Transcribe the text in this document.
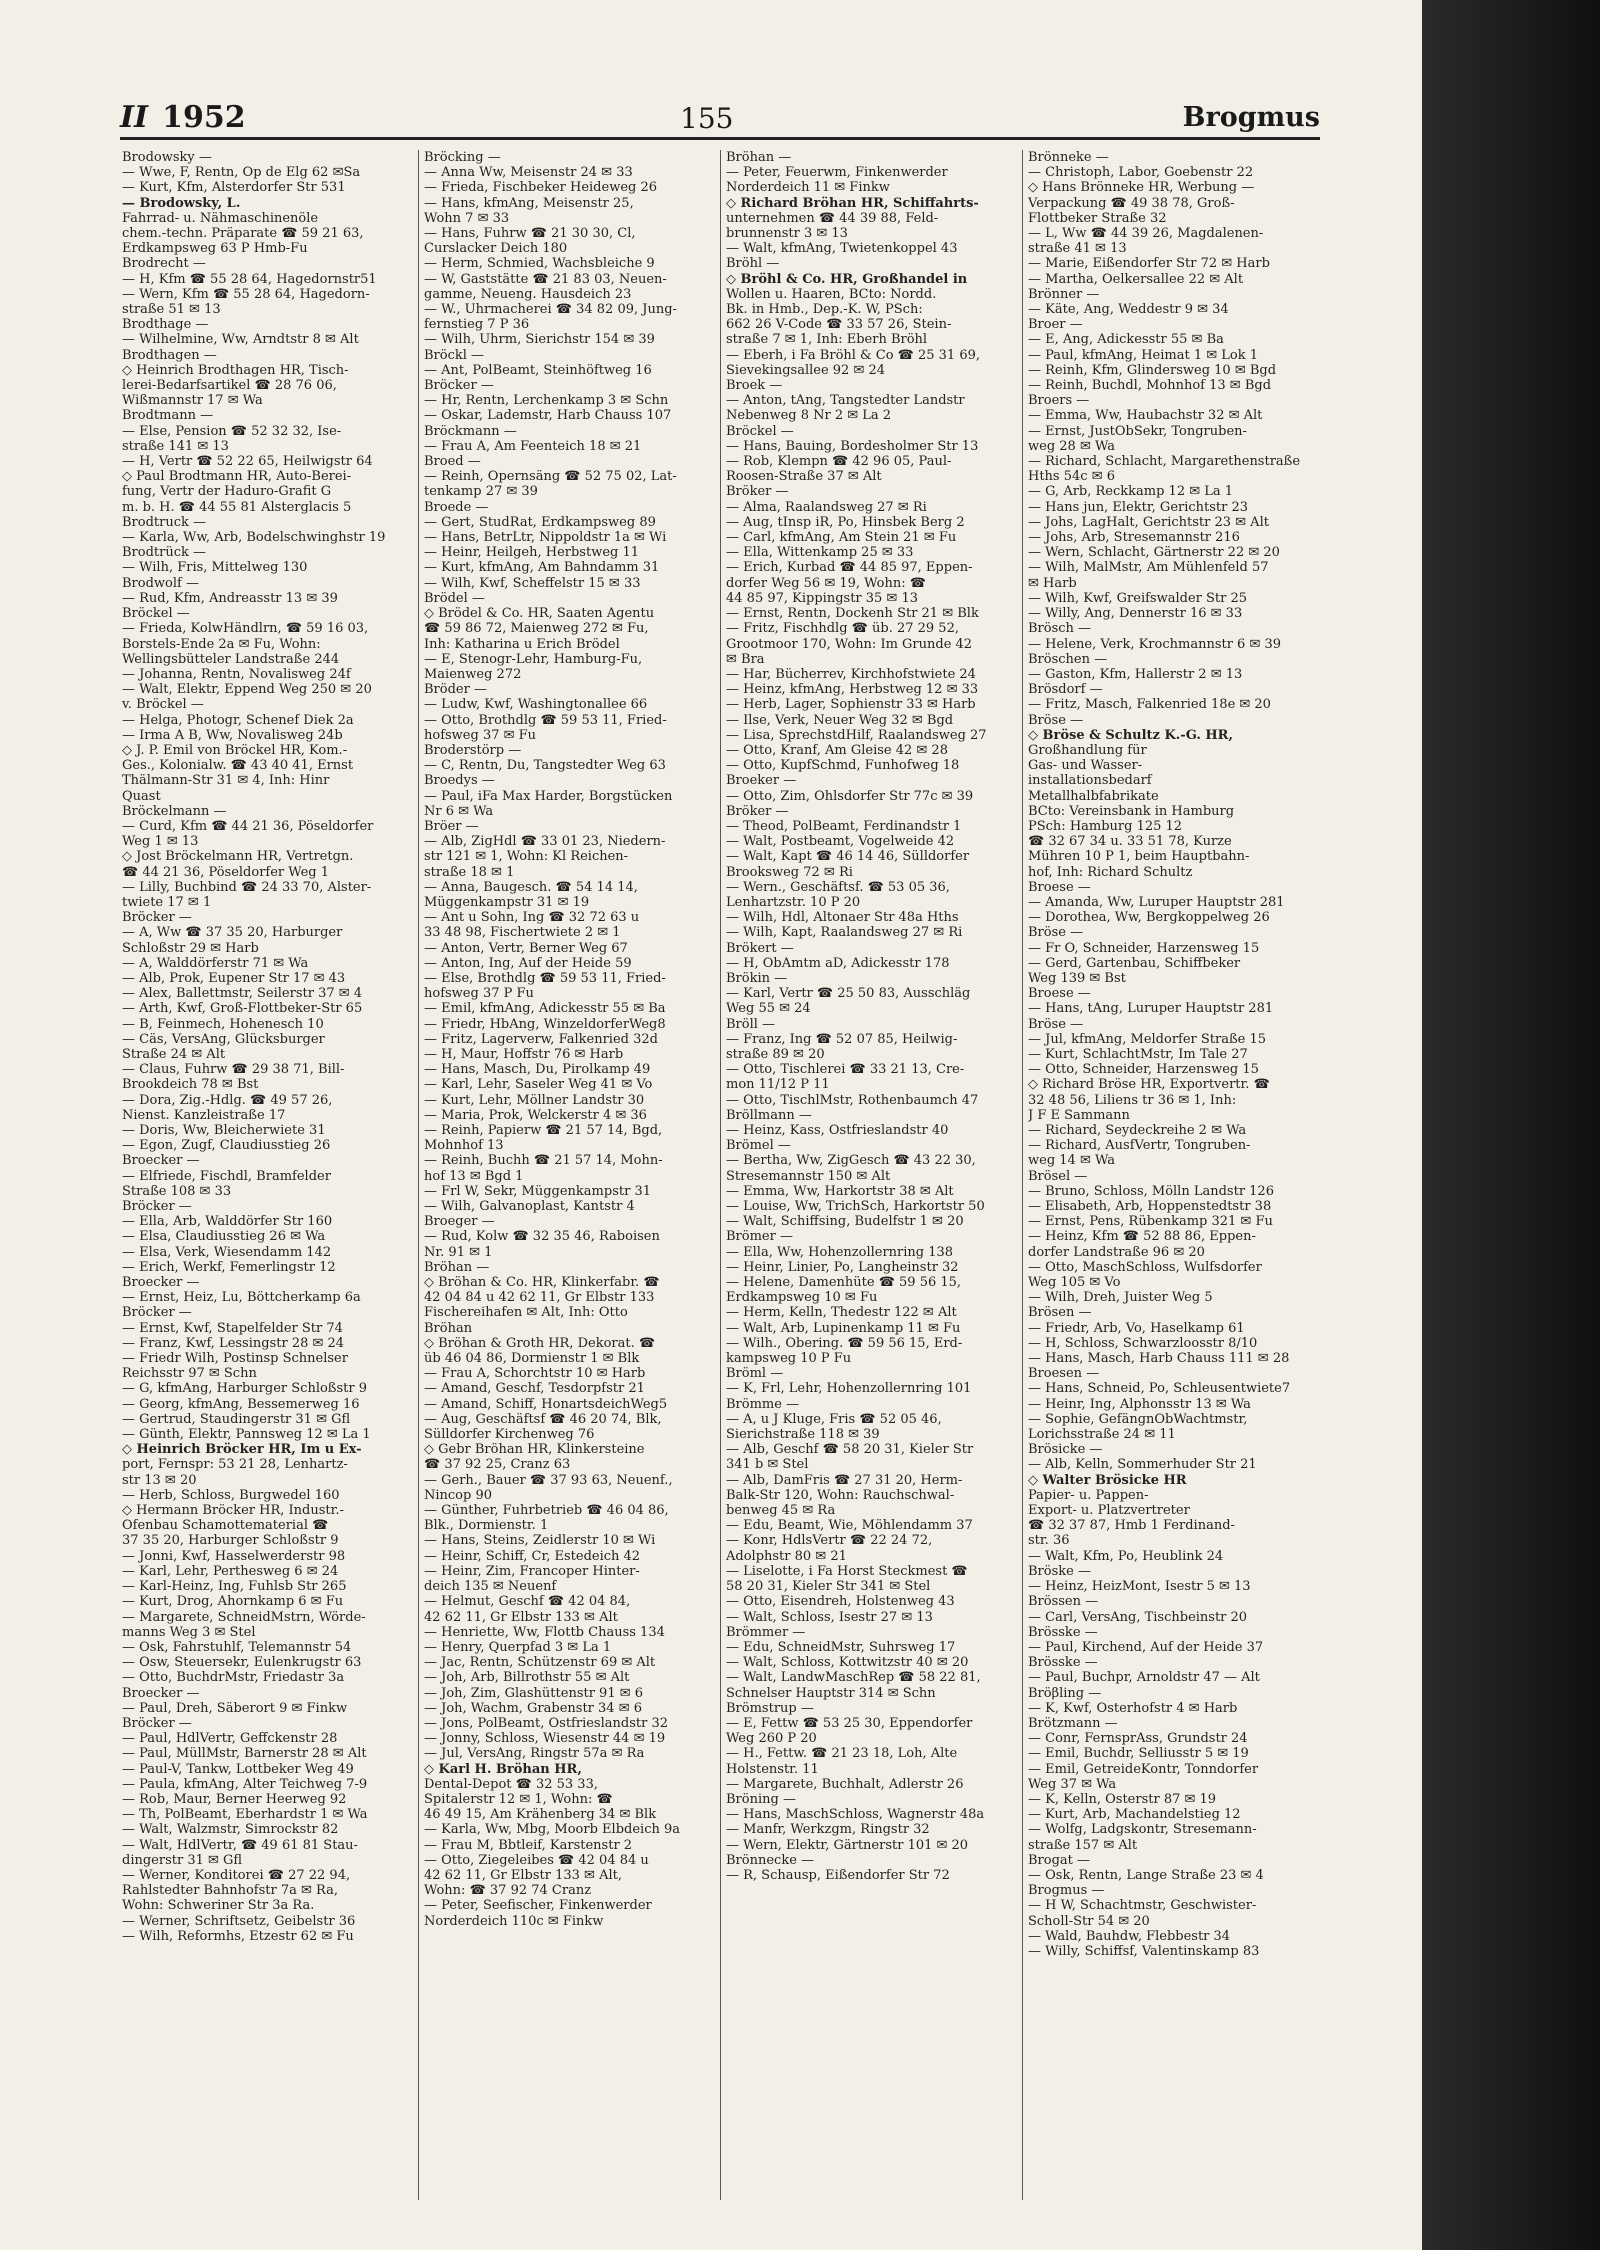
II 1952	155	Brogmus
Brodowsky —
— Wwe, F, Rentn, Op de Elg 62 ✉Sa
— Kurt, Kfm, Alsterdorfer Str 531
— Brodowsky, L.
Fahrrad- u. Nähmaschinenöle
chem.-techn. Präparate ☎ 59 21 63,
Erdkampsweg 63 P Hmb-Fu
Brodrecht —
— H, Kfm ☎ 55 28 64, Hagedornstr51
— Wern, Kfm ☎ 55 28 64, Hagedorn-
straße 51 ✉ 13
Brodthage —
— Wilhelmine, Ww, Arndtstr 8 ✉ Alt
Brodthagen —
◇ Heinrich Brodthagen HR, Tisch-
lerei-Bedarfsartikel ☎ 28 76 06,
Wißmannstr 17 ✉ Wa
Brodtmann —
— Else, Pension ☎ 52 32 32, Ise-
straße 141 ✉ 13
— H, Vertr ☎ 52 22 65, Heilwigstr 64
◇ Paul Brodtmann HR, Auto-Berei-
fung, Vertr der Haduro-Grafit G
m. b. H. ☎ 44 55 81 Alsterglacis 5
Brodtruck —
— Karla, Ww, Arb, Bodelschwinghstr 19
Brodtrück —
— Wilh, Fris, Mittelweg 130
Brodwolf —
— Rud, Kfm, Andreasstr 13 ✉ 39
Bröckel —
— Frieda, KolwHändlrn, ☎ 59 16 03,
Borstels-Ende 2a ✉ Fu, Wohn:
Wellingsbütteler Landstraße 244
— Johanna, Rentn, Novalisweg 24f
— Walt, Elektr, Eppend Weg 250 ✉ 20
v. Bröckel —
— Helga, Photogr, Schenef Diek 2a
— Irma A B, Ww, Novalisweg 24b
◇ J. P. Emil von Bröckel HR, Kom.-
Ges., Kolonialw. ☎ 43 40 41, Ernst
Thälmann-Str 31 ✉ 4, Inh: Hinr
Quast
Bröckelmann —
— Curd, Kfm ☎ 44 21 36, Pöseldorfer
Weg 1 ✉ 13
◇ Jost Bröckelmann HR, Vertretgn.
☎ 44 21 36, Pöseldorfer Weg 1
— Lilly, Buchbind ☎ 24 33 70, Alster-
twiete 17 ✉ 1
Bröcker —
— A, Ww ☎ 37 35 20, Harburger
Schloßstr 29 ✉ Harb
— A, Walddörferstr 71 ✉ Wa
— Alb, Prok, Eupener Str 17 ✉ 43
— Alex, Ballettmstr, Seilerstr 37 ✉ 4
— Arth, Kwf, Groß-Flottbeker-Str 65
— B, Feinmech, Hohenesch 10
— Cäs, VersAng, Glücksburger
Straße 24 ✉ Alt
— Claus, Fuhrw ☎ 29 38 71, Bill-
Brookdeich 78 ✉ Bst
— Dora, Zig.-Hdlg. ☎ 49 57 26,
Nienst. Kanzleistraße 17
— Doris, Ww, Bleicherwiete 31
— Egon, Zugf, Claudiusstieg 26
Broecker —
— Elfriede, Fischdl, Bramfelder
Straße 108 ✉ 33
Bröcker —
— Ella, Arb, Walddörfer Str 160
— Elsa, Claudiusstieg 26 ✉ Wa
— Elsa, Verk, Wiesendamm 142
— Erich, Werkf, Femerlingstr 12
Broecker —
— Ernst, Heiz, Lu, Böttcherkamp 6a
Bröcker —
— Ernst, Kwf, Stapelfelder Str 74
— Franz, Kwf, Lessingstr 28 ✉ 24
— Friedr Wilh, Postinsp Schnelser
Reichsstr 97 ✉ Schn
— G, kfmAng, Harburger Schloßstr 9
— Georg, kfmAng, Bessemerweg 16
— Gertrud, Staudingerstr 31 ✉ Gfl
— Günth, Elektr, Pannsweg 12 ✉ La 1
◇ Heinrich Bröcker HR, Im u Ex-
port, Fernspr: 53 21 28, Lenhartz-
str 13 ✉ 20
— Herb, Schloss, Burgwedel 160
◇ Hermann Bröcker HR, Industr.-
Ofenbau Schamottematerial ☎
37 35 20, Harburger Schloßstr 9
— Jonni, Kwf, Hasselwerderstr 98
— Karl, Lehr, Perthesweg 6 ✉ 24
— Karl-Heinz, Ing, Fuhlsb Str 265
— Kurt, Drog, Ahornkamp 6 ✉ Fu
— Margarete, SchneidMstrn, Wörde-
manns Weg 3 ✉ Stel
— Osk, Fahrstuhlf, Telemannstr 54
— Osw, Steuersekr, Eulenkrugstr 63
— Otto, BuchdrMstr, Friedastr 3a
Broecker —
— Paul, Dreh, Säberort 9 ✉ Finkw
Bröcker —
— Paul, HdlVertr, Geffckenstr 28
— Paul, MüllMstr, Barnerstr 28 ✉ Alt
— Paul-V, Tankw, Lottbeker Weg 49
— Paula, kfmAng, Alter Teichweg 7-9
— Rob, Maur, Berner Heerweg 92
— Th, PolBeamt, Eberhardstr 1 ✉ Wa
— Walt, Walzmstr, Simrockstr 82
— Walt, HdlVertr, ☎ 49 61 81 Stau-
dingerstr 31 ✉ Gfl
— Werner, Konditorei ☎ 27 22 94,
Rahlstedter Bahnhofstr 7a ✉ Ra,
Wohn: Schweriner Str 3a Ra.
— Werner, Schriftsetz, Geibelstr 36
— Wilh, Reformhs, Etzestr 62 ✉ Fu
Bröcking —
— Anna Ww, Meisenstr 24 ✉ 33
— Frieda, Fischbeker Heideweg 26
— Hans, kfmAng, Meisenstr 25,
Wohn 7 ✉ 33
— Hans, Fuhrw ☎ 21 30 30, Cl,
Curslacker Deich 180
— Herm, Schmied, Wachsbleiche 9
— W, Gaststätte ☎ 21 83 03, Neuen-
gamme, Neueng. Hausdeich 23
— W., Uhrmacherei ☎ 34 82 09, Jung-
fernstieg 7 P 36
— Wilh, Uhrm, Sierichstr 154 ✉ 39
Bröckl —
— Ant, PolBeamt, Steinhöftweg 16
Bröcker —
— Hr, Rentn, Lerchenkamp 3 ✉ Schn
— Oskar, Lademstr, Harb Chauss 107
Bröckmann —
— Frau A, Am Feenteich 18 ✉ 21
Broed —
— Reinh, Opernsäng ☎ 52 75 02, Lat-
tenkamp 27 ✉ 39
Broede —
— Gert, StudRat, Erdkampsweg 89
— Hans, BetrLtr, Nippoldstr 1a ✉ Wi
— Heinr, Heilgeh, Herbstweg 11
— Kurt, kfmAng, Am Bahndamm 31
— Wilh, Kwf, Scheffelstr 15 ✉ 33
Brödel —
◇ Brödel & Co. HR, Saaten Agentu
☎ 59 86 72, Maienweg 272 ✉ Fu,
Inh: Katharina u Erich Brödel
— E, Stenogr-Lehr, Hamburg-Fu,
Maienweg 272
Bröder —
— Ludw, Kwf, Washingtonallee 66
— Otto, Brothdlg ☎ 59 53 11, Fried-
hofsweg 37 ✉ Fu
Broderstörp —
— C, Rentn, Du, Tangstedter Weg 63
Broedys —
— Paul, iFa Max Harder, Borgstücken
Nr 6 ✉ Wa
Bröer —
— Alb, ZigHdl ☎ 33 01 23, Niedern-
str 121 ✉ 1, Wohn: Kl Reichen-
straße 18 ✉ 1
— Anna, Baugesch. ☎ 54 14 14,
Müggenkampstr 31 ✉ 19
— Ant u Sohn, Ing ☎ 32 72 63 u
33 48 98, Fischertwiete 2 ✉ 1
— Anton, Vertr, Berner Weg 67
— Anton, Ing, Auf der Heide 59
— Else, Brothdlg ☎ 59 53 11, Fried-
hofsweg 37 P Fu
— Emil, kfmAng, Adickesstr 55 ✉ Ba
— Friedr, HbAng, WinzeldorferWeg8
— Fritz, Lagerverw, Falkenried 32d
— H, Maur, Hoffstr 76 ✉ Harb
— Hans, Masch, Du, Pirolkamp 49
— Karl, Lehr, Saseler Weg 41 ✉ Vo
— Kurt, Lehr, Möllner Landstr 30
— Maria, Prok, Welckerstr 4 ✉ 36
— Reinh, Papierw ☎ 21 57 14, Bgd,
Mohnhof 13
— Reinh, Buchh ☎ 21 57 14, Mohn-
hof 13 ✉ Bgd 1
— Frl W, Sekr, Müggenkampstr 31
— Wilh, Galvanoplast, Kantstr 4
Broeger —
— Rud, Kolw ☎ 32 35 46, Raboisen
Nr. 91 ✉ 1
Bröhan —
◇ Bröhan & Co. HR, Klinkerfabr. ☎
42 04 84 u 42 62 11, Gr Elbstr 133
Fischereihafen ✉ Alt, Inh: Otto
Bröhan
◇ Bröhan & Groth HR, Dekorat. ☎
üb 46 04 86, Dormienstr 1 ✉ Blk
— Frau A, Schorchtstr 10 ✉ Harb
— Amand, Geschf, Tesdorpfstr 21
— Amand, Schiff, HonartsdeichWeg5
— Aug, Geschäftsf ☎ 46 20 74, Blk,
Sülldorfer Kirchenweg 76
◇ Gebr Bröhan HR, Klinkersteine
☎ 37 92 25, Cranz 63
— Gerh., Bauer ☎ 37 93 63, Neuenf.,
Nincop 90
— Günther, Fuhrbetrieb ☎ 46 04 86,
Blk., Dormienstr. 1
— Hans, Steins, Zeidlerstr 10 ✉ Wi
— Heinr, Schiff, Cr, Estedeich 42
— Heinr, Zim, Francoper Hinter-
deich 135 ✉ Neuenf
— Helmut, Geschf ☎ 42 04 84,
42 62 11, Gr Elbstr 133 ✉ Alt
— Henriette, Ww, Flottb Chauss 134
— Henry, Querpfad 3 ✉ La 1
— Jac, Rentn, Schützenstr 69 ✉ Alt
— Joh, Arb, Billrothstr 55 ✉ Alt
— Joh, Zim, Glashüttenstr 91 ✉ 6
— Joh, Wachm, Grabenstr 34 ✉ 6
— Jons, PolBeamt, Ostfrieslandstr 32
— Jonny, Schloss, Wiesenstr 44 ✉ 19
— Jul, VersAng, Ringstr 57a ✉ Ra
◇ Karl H. Bröhan HR,
Dental-Depot ☎ 32 53 33,
Spitalerstr 12 ✉ 1, Wohn: ☎
46 49 15, Am Krähenberg 34 ✉ Blk
— Karla, Ww, Mbg, Moorb Elbdeich 9a
— Frau M, Bbtleif, Karstenstr 2
— Otto, Ziegeleibes ☎ 42 04 84 u
42 62 11, Gr Elbstr 133 ✉ Alt,
Wohn: ☎ 37 92 74 Cranz
— Peter, Seefischer, Finkenwerder
Norderdeich 110c ✉ Finkw
Bröhan —
— Peter, Feuerwm, Finkenwerder
Norderdeich 11 ✉ Finkw
◇ Richard Bröhan HR, Schiffahrts-
unternehmen ☎ 44 39 88, Feld-
brunnenstr 3 ✉ 13
— Walt, kfmAng, Twietenkoppel 43
Bröhl —
◇ Bröhl & Co. HR, Großhandel in
Wollen u. Haaren, BCto: Nordd.
Bk. in Hmb., Dep.-K. W, PSch:
662 26 V-Code ☎ 33 57 26, Stein-
straße 7 ✉ 1, Inh: Eberh Bröhl
— Eberh, i Fa Bröhl & Co ☎ 25 31 69,
Sievekingsallee 92 ✉ 24
Broek —
— Anton, tAng, Tangstedter Landstr
Nebenweg 8 Nr 2 ✉ La 2
Bröckel —
— Hans, Bauing, Bordesholmer Str 13
— Rob, Klempn ☎ 42 96 05, Paul-
Roosen-Straße 37 ✉ Alt
Bröker —
— Alma, Raalandsweg 27 ✉ Ri
— Aug, tInsp iR, Po, Hinsbek Berg 2
— Carl, kfmAng, Am Stein 21 ✉ Fu
— Ella, Wittenkamp 25 ✉ 33
— Erich, Kurbad ☎ 44 85 97, Eppen-
dorfer Weg 56 ✉ 19, Wohn: ☎
44 85 97, Kippingstr 35 ✉ 13
— Ernst, Rentn, Dockenh Str 21 ✉ Blk
— Fritz, Fischhdlg ☎ üb. 27 29 52,
Grootmoor 170, Wohn: Im Grunde 42
✉ Bra
— Har, Bücherrev, Kirchhofstwiete 24
— Heinz, kfmAng, Herbstweg 12 ✉ 33
— Herb, Lager, Sophienstr 33 ✉ Harb
— Ilse, Verk, Neuer Weg 32 ✉ Bgd
— Lisa, SprechstdHilf, Raalandsweg 27
— Otto, Kranf, Am Gleise 42 ✉ 28
— Otto, KupfSchmd, Funhofweg 18
Broeker —
— Otto, Zim, Ohlsdorfer Str 77c ✉ 39
Bröker —
— Theod, PolBeamt, Ferdinandstr 1
— Walt, Postbeamt, Vogelweide 42
— Walt, Kapt ☎ 46 14 46, Sülldorfer
Brooksweg 72 ✉ Ri
— Wern., Geschäftsf. ☎ 53 05 36,
Lenhartzstr. 10 P 20
— Wilh, Hdl, Altonaer Str 48a Hths
— Wilh, Kapt, Raalandsweg 27 ✉ Ri
Brökert —
— H, ObAmtm aD, Adickesstr 178
Brökin —
— Karl, Vertr ☎ 25 50 83, Ausschläg
Weg 55 ✉ 24
Bröll —
— Franz, Ing ☎ 52 07 85, Heilwig-
straße 89 ✉ 20
— Otto, Tischlerei ☎ 33 21 13, Cre-
mon 11/12 P 11
— Otto, TischlMstr, Rothenbaumch 47
Bröllmann —
— Heinz, Kass, Ostfrieslandstr 40
Brömel —
— Bertha, Ww, ZigGesch ☎ 43 22 30,
Stresemannstr 150 ✉ Alt
— Emma, Ww, Harkortstr 38 ✉ Alt
— Louise, Ww, TrichSch, Harkortstr 50
— Walt, Schiffsing, Budelfstr 1 ✉ 20
Brömer —
— Ella, Ww, Hohenzollernring 138
— Heinr, Linier, Po, Langheinstr 32
— Helene, Damenhüte ☎ 59 56 15,
Erdkampsweg 10 ✉ Fu
— Herm, Kelln, Thedestr 122 ✉ Alt
— Walt, Arb, Lupinenkamp 11 ✉ Fu
— Wilh., Obering. ☎ 59 56 15, Erd-
kampsweg 10 P Fu
Bröml —
— K, Frl, Lehr, Hohenzollernring 101
Brömme —
— A, u J Kluge, Fris ☎ 52 05 46,
Sierichstraße 118 ✉ 39
— Alb, Geschf ☎ 58 20 31, Kieler Str
341 b ✉ Stel
— Alb, DamFris ☎ 27 31 20, Herm-
Balk-Str 120, Wohn: Rauchschwal-
benweg 45 ✉ Ra
— Edu, Beamt, Wie, Möhlendamm 37
— Konr, HdlsVertr ☎ 22 24 72,
Adolphstr 80 ✉ 21
— Liselotte, i Fa Horst Steckmest ☎
58 20 31, Kieler Str 341 ✉ Stel
— Otto, Eisendreh, Holstenweg 43
— Walt, Schloss, Isestr 27 ✉ 13
Brömmer —
— Edu, SchneidMstr, Suhrsweg 17
— Walt, Schloss, Kottwitzstr 40 ✉ 20
— Walt, LandwMaschRep ☎ 58 22 81,
Schnelser Hauptstr 314 ✉ Schn
Brömstrup —
— E, Fettw ☎ 53 25 30, Eppendorfer
Weg 260 P 20
— H., Fettw. ☎ 21 23 18, Loh, Alte
Holstenstr. 11
— Margarete, Buchhalt, Adlerstr 26
Bröning —
— Hans, MaschSchloss, Wagnerstr 48a
— Manfr, Werkzgm, Ringstr 32
— Wern, Elektr, Gärtnerstr 101 ✉ 20
Brönnecke —
— R, Schausp, Eißendorfer Str 72
Brönneke —
— Christoph, Labor, Goebenstr 22
◇ Hans Brönneke HR, Werbung —
Verpackung ☎ 49 38 78, Groß-
Flottbeker Straße 32
— L, Ww ☎ 44 39 26, Magdalenen-
straße 41 ✉ 13
— Marie, Eißendorfer Str 72 ✉ Harb
— Martha, Oelkersallee 22 ✉ Alt
Brönner —
— Käte, Ang, Weddestr 9 ✉ 34
Broer —
— E, Ang, Adickesstr 55 ✉ Ba
— Paul, kfmAng, Heimat 1 ✉ Lok 1
— Reinh, Kfm, Glindersweg 10 ✉ Bgd
— Reinh, Buchdl, Mohnhof 13 ✉ Bgd
Broers —
— Emma, Ww, Haubachstr 32 ✉ Alt
— Ernst, JustObSekr, Tongruben-
weg 28 ✉ Wa
— Richard, Schlacht, Margarethenstraße
Hths 54c ✉ 6
— G, Arb, Reckkamp 12 ✉ La 1
— Hans jun, Elektr, Gerichtstr 23
— Johs, LagHalt, Gerichtstr 23 ✉ Alt
— Johs, Arb, Stresemannstr 216
— Wern, Schlacht, Gärtnerstr 22 ✉ 20
— Wilh, MalMstr, Am Mühlenfeld 57
✉ Harb
— Wilh, Kwf, Greifswalder Str 25
— Willy, Ang, Dennerstr 16 ✉ 33
Brösch —
— Helene, Verk, Krochmannstr 6 ✉ 39
Bröschen —
— Gaston, Kfm, Hallerstr 2 ✉ 13
Brösdorf —
— Fritz, Masch, Falkenried 18e ✉ 20
Bröse —
◇ Bröse & Schultz K.-G. HR,
Großhandlung für
Gas- und Wasser-
installationsbedarf
Metallhalbfabrikate
BCto: Vereinsbank in Hamburg
PSch: Hamburg 125 12
☎ 32 67 34 u. 33 51 78, Kurze
Mühren 10 P 1, beim Hauptbahn-
hof, Inh: Richard Schultz
Broese —
— Amanda, Ww, Luruper Hauptstr 281
— Dorothea, Ww, Bergkoppelweg 26
Bröse —
— Fr O, Schneider, Harzensweg 15
— Gerd, Gartenbau, Schiffbeker
Weg 139 ✉ Bst
Broese —
— Hans, tAng, Luruper Hauptstr 281
Bröse —
— Jul, kfmAng, Meldorfer Straße 15
— Kurt, SchlachtMstr, Im Tale 27
— Otto, Schneider, Harzensweg 15
◇ Richard Bröse HR, Exportvertr. ☎
32 48 56, Liliens tr 36 ✉ 1, Inh:
J F E Sammann
— Richard, Seydeckreihe 2 ✉ Wa
— Richard, AusfVertr, Tongruben-
weg 14 ✉ Wa
Brösel —
— Bruno, Schloss, Mölln Landstr 126
— Elisabeth, Arb, Hoppenstedtstr 38
— Ernst, Pens, Rübenkamp 321 ✉ Fu
— Heinz, Kfm ☎ 52 88 86, Eppen-
dorfer Landstraße 96 ✉ 20
— Otto, MaschSchloss, Wulfsdorfer
Weg 105 ✉ Vo
— Wilh, Dreh, Juister Weg 5
Brösen —
— Friedr, Arb, Vo, Haselkamp 61
— H, Schloss, Schwarzloosstr 8/10
— Hans, Masch, Harb Chauss 111 ✉ 28
Broesen —
— Hans, Schneid, Po, Schleusentwiete7
— Heinr, Ing, Alphonsstr 13 ✉ Wa
— Sophie, GefängnObWachtmstr,
Lorichsstraße 24 ✉ 11
Brösicke —
— Alb, Kelln, Sommerhuder Str 21
◇ Walter Brösicke HR
Papier- u. Pappen-
Export- u. Platzvertreter
☎ 32 37 87, Hmb 1 Ferdinand-
str. 36
— Walt, Kfm, Po, Heublink 24
Bröske —
— Heinz, HeizMont, Isestr 5 ✉ 13
Brössen —
— Carl, VersAng, Tischbeinstr 20
Brösske —
— Paul, Kirchend, Auf der Heide 37
Brösske —
— Paul, Buchpr, Arnoldstr 47 — Alt
Bröβling —
— K, Kwf, Osterhofstr 4 ✉ Harb
Brötzmann —
— Conr, FernsprAss, Grundstr 24
— Emil, Buchdr, Selliusstr 5 ✉ 19
— Emil, GetreideKontr, Tonndorfer
Weg 37 ✉ Wa
— K, Kelln, Osterstr 87 ✉ 19
— Kurt, Arb, Machandelstieg 12
— Wolfg, Ladgskontr, Stresemann-
straße 157 ✉ Alt
Brogat —
— Osk, Rentn, Lange Straße 23 ✉ 4
Brogmus —
— H W, Schachtmstr, Geschwister-
Scholl-Str 54 ✉ 20
— Wald, Bauhdw, Flebbestr 34
— Willy, Schiffsf, Valentinskamp 83
